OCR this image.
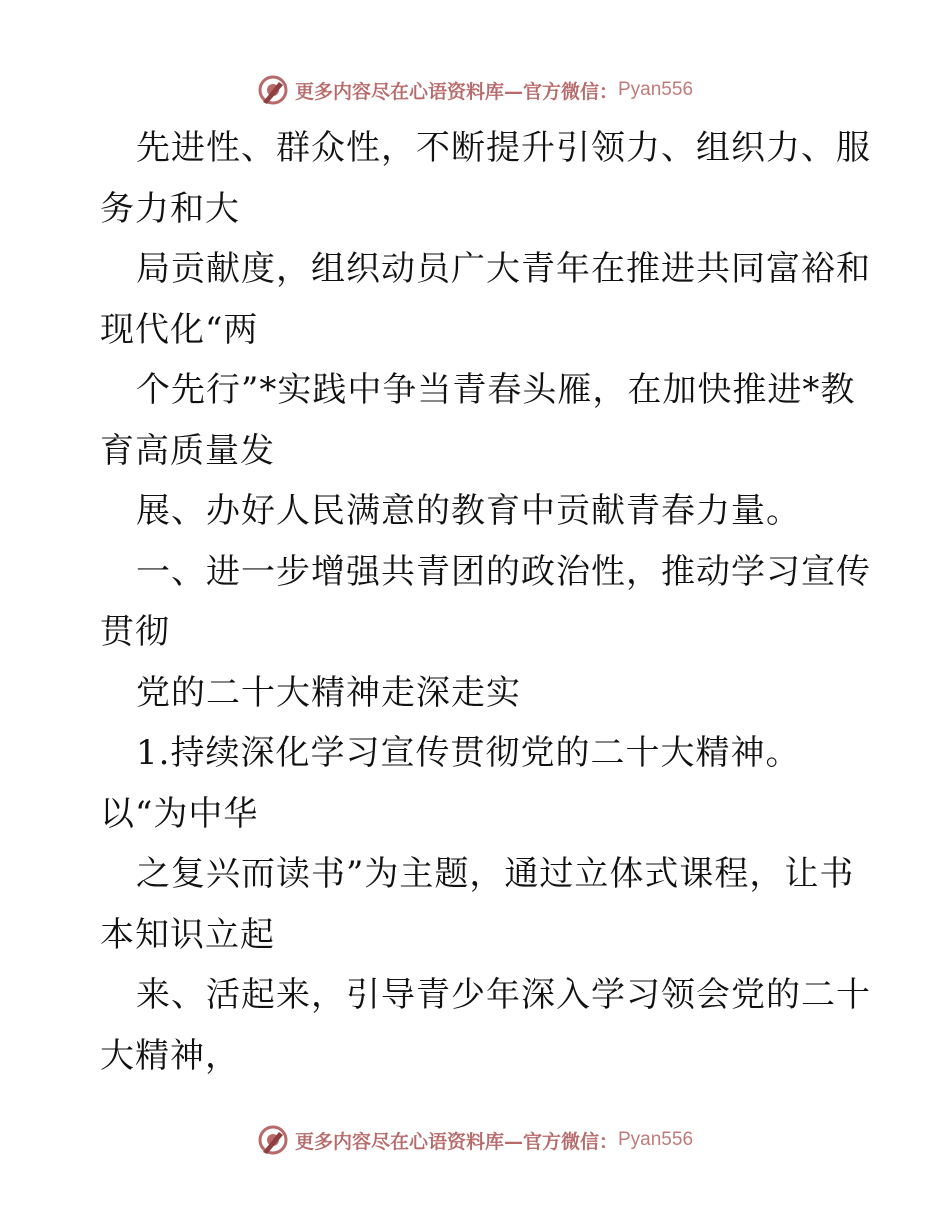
更多内容尽在心语资料库—官方微信： Pyan556
先进性、群众性，不断提升引领力、组织力、服
务力和大
局贡献度，组织动员广大青年在推进共同富裕和
现代化“两
个先行”*实践中争当青春头雁，在加快推进*教
育高质量发
展、办好人民满意的教育中贡献青春力量。
一、进一步增强共青团的政治性，推动学习宣传
贯彻
党的二十大精神走深走实
1.持续深化学习宣传贯彻党的二十大精神。
以“为中华
之复兴而读书”为主题，通过立体式课程，让书
本知识立起
来、活起来，引导青少年深入学习领会党的二十
大精神，
更多内容尽在心语资料库—官方微信： Pyan556
